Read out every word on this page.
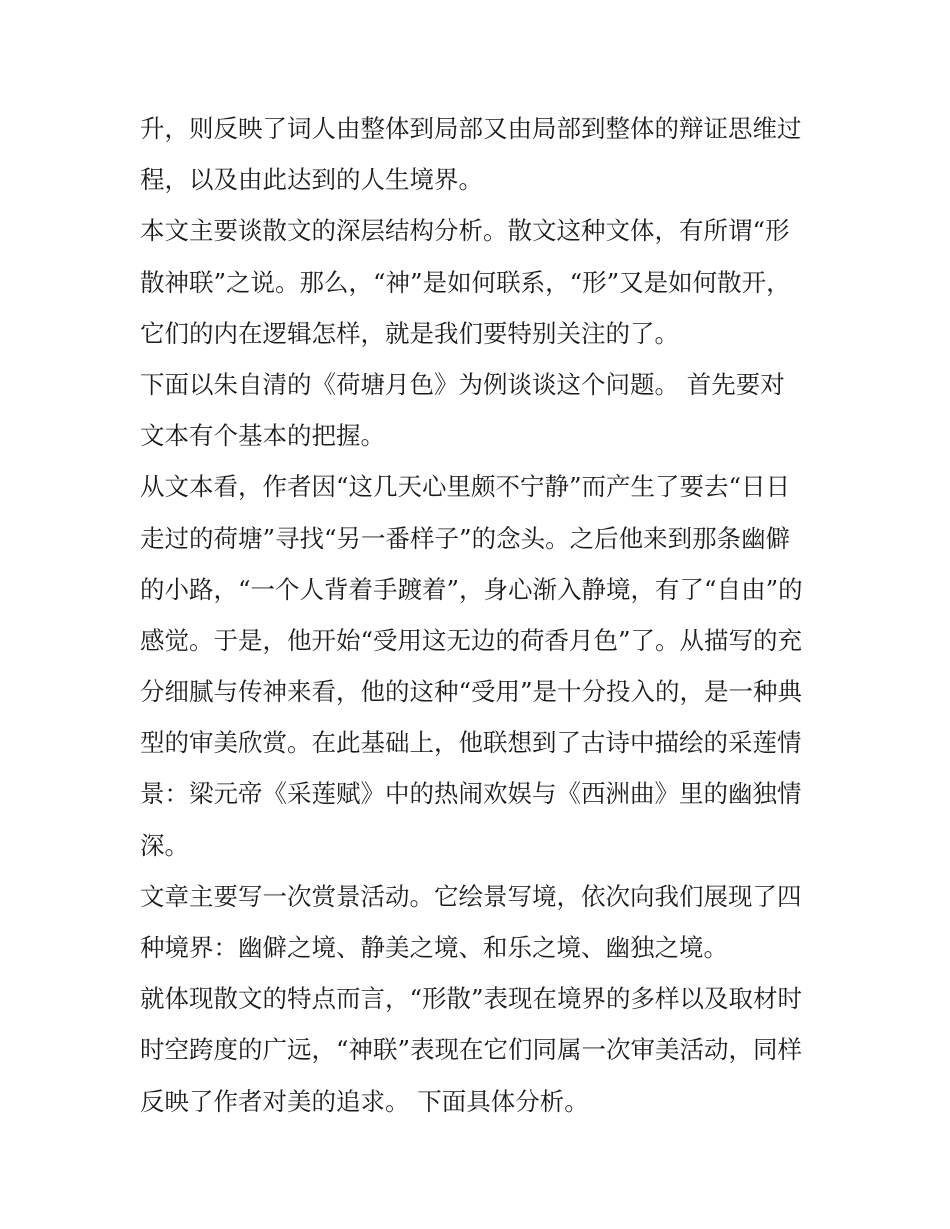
升，则反映了词人由整体到局部又由局部到整体的辩证思维过
程，以及由此达到的人生境界。
本文主要谈散文的深层结构分析。散文这种文体，有所谓“形
散神联”之说。那么，“神”是如何联系，“形”又是如何散开，
它们的内在逻辑怎样，就是我们要特别关注的了。
下面以朱自清的《荷塘月色》为例谈谈这个问题。 首先要对
文本有个基本的把握。
从文本看，作者因“这几天心里颇不宁静”而产生了要去“日日
走过的荷塘”寻找“另一番样子”的念头。之后他来到那条幽僻
的小路，“一个人背着手踱着”，身心渐入静境，有了“自由”的
感觉。于是，他开始“受用这无边的荷香月色”了。从描写的充
分细腻与传神来看，他的这种“受用”是十分投入的，是一种典
型的审美欣赏。在此基础上，他联想到了古诗中描绘的采莲情
景：梁元帝《采莲赋》中的热闹欢娱与《西洲曲》里的幽独情
深。
文章主要写一次赏景活动。它绘景写境，依次向我们展现了四
种境界：幽僻之境、静美之境、和乐之境、幽独之境。
就体现散文的特点而言，“形散”表现在境界的多样以及取材时
时空跨度的广远，“神联”表现在它们同属一次审美活动，同样
反映了作者对美的追求。 下面具体分析。
